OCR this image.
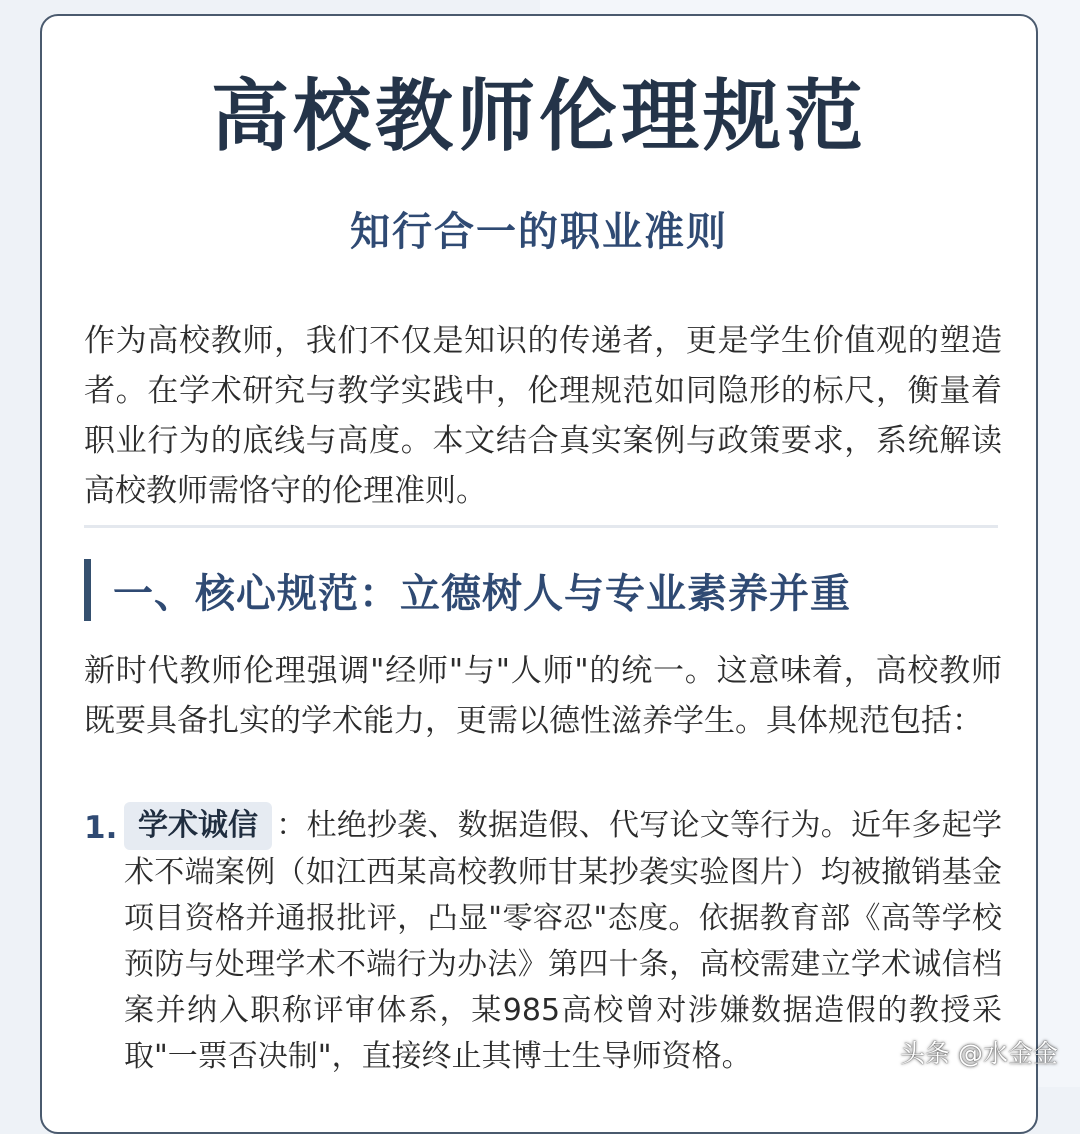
高校教师伦理规范
知行合一的职业准则

作为高校教师，我们不仅是知识的传递者，更是学生价值观的塑造者。在学术研究与教学实践中，伦理规范如同隐形的标尺，衡量着职业行为的底线与高度。本文结合真实案例与政策要求，系统解读高校教师需恪守的伦理准则。

一、核心规范：立德树人与专业素养并重

新时代教师伦理强调"经师"与"人师"的统一。这意味着，高校教师既要具备扎实的学术能力，更需以德性滋养学生。具体规范包括：

1. 学术诚信 ：杜绝抄袭、数据造假、代写论文等行为。近年多起学术不端案例（如江西某高校教师甘某抄袭实验图片）均被撤销基金项目资格并通报批评，凸显"零容忍"态度。依据教育部《高等学校预防与处理学术不端行为办法》第四十条，高校需建立学术诚信档案并纳入职称评审体系，某985高校曾对涉嫌数据造假的教授采取"一票否决制"，直接终止其博士生导师资格。	头条 @水金金
